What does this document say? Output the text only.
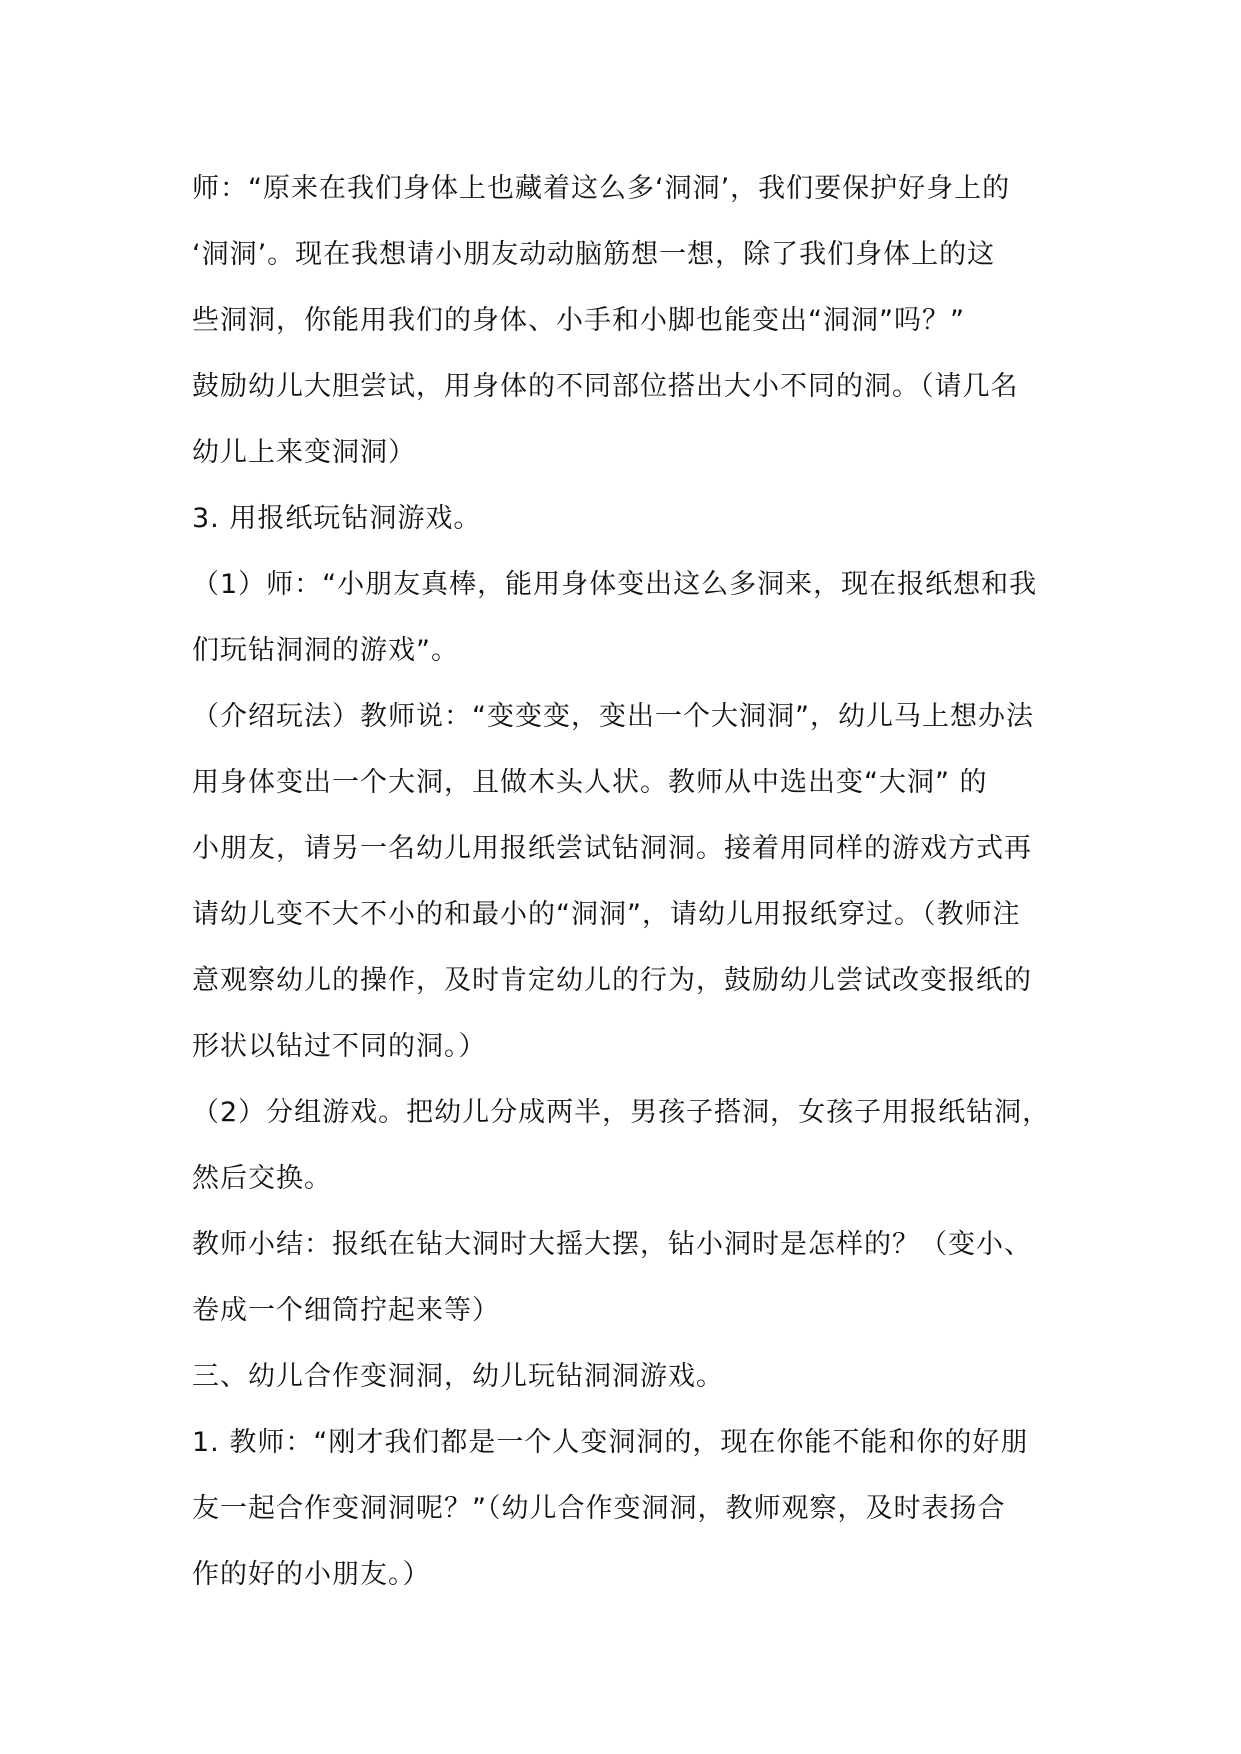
师：“原来在我们身体上也藏着这么多‘洞洞’，我们要保护好身上的
‘洞洞’。现在我想请小朋友动动脑筋想一想，除了我们身体上的这
些洞洞，你能用我们的身体、小手和小脚也能变出“洞洞”吗？”
鼓励幼儿大胆尝试，用身体的不同部位搭出大小不同的洞。（请几名
幼儿上来变洞洞）
3. 用报纸玩钻洞游戏。
（1）师：“小朋友真棒，能用身体变出这么多洞来，现在报纸想和我
们玩钻洞洞的游戏”。
（介绍玩法）教师说：“变变变，变出一个大洞洞”，幼儿马上想办法
用身体变出一个大洞，且做木头人状。教师从中选出变“大洞” 的
小朋友，请另一名幼儿用报纸尝试钻洞洞。接着用同样的游戏方式再
请幼儿变不大不小的和最小的“洞洞”，请幼儿用报纸穿过。（教师注
意观察幼儿的操作，及时肯定幼儿的行为，鼓励幼儿尝试改变报纸的
形状以钻过不同的洞。）
（2）分组游戏。把幼儿分成两半，男孩子搭洞，女孩子用报纸钻洞，
然后交换。
教师小结：报纸在钻大洞时大摇大摆，钻小洞时是怎样的？（变小、
卷成一个细筒拧起来等）
三、幼儿合作变洞洞，幼儿玩钻洞洞游戏。
1. 教师：“刚才我们都是一个人变洞洞的，现在你能不能和你的好朋
友一起合作变洞洞呢？”（幼儿合作变洞洞，教师观察，及时表扬合
作的好的小朋友。）
